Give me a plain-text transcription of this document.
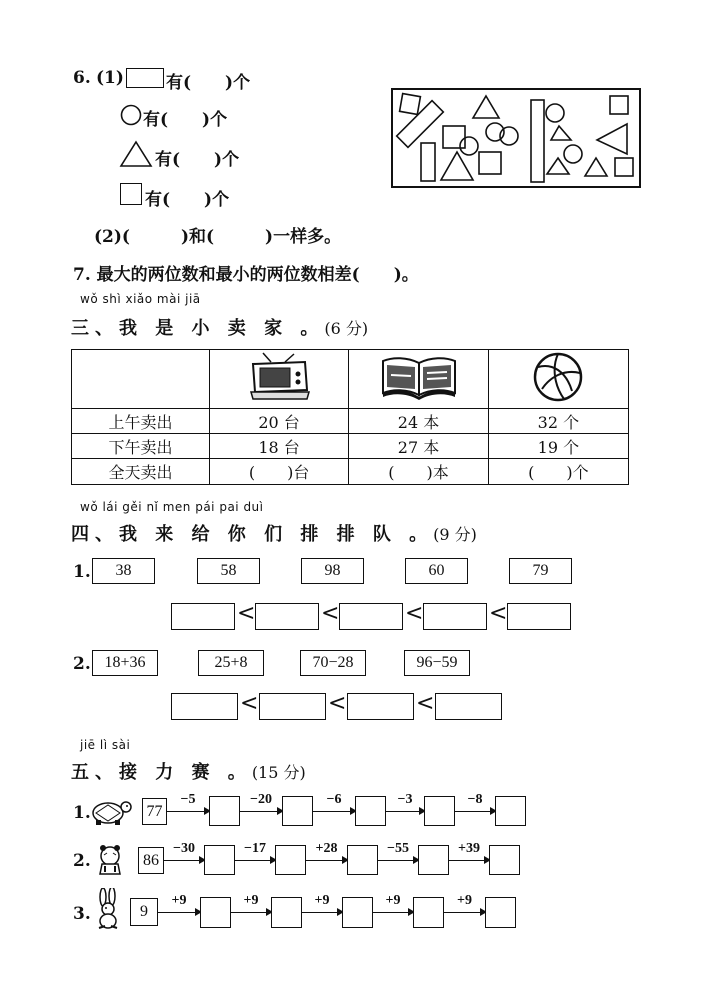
6. (1) 有(　　)个
有(　　)个
有(　　)个
有(　　)个
(2)(　　　)和(　　　)一样多。
7. 最大的两位数和最小的两位数相差(　　)。
wǒ shì xiǎo mài jiā
三、我 是 小 卖 家 。(6 分)

上午卖出	20 台	24 本	32 个
下午卖出	18 台	27 本	19 个
全天卖出	(　　)台	(　　)本	(　　)个
wǒ lái gěi nǐ men pái pai duì
四、我 来 给 你 们 排 排 队 。(9 分)
1.	38	58	98	60	79
<	<	<	<
2. 18+36	25+8	70−28	96−59
<	<	<
jiē lì sài
五、接 力 赛 。(15 分)
1.	77
−5	−20	−6	−3	−8
2.	86
−30	−17	+28	−55	+39
3.	9
+9	+9	+9	+9	+9
